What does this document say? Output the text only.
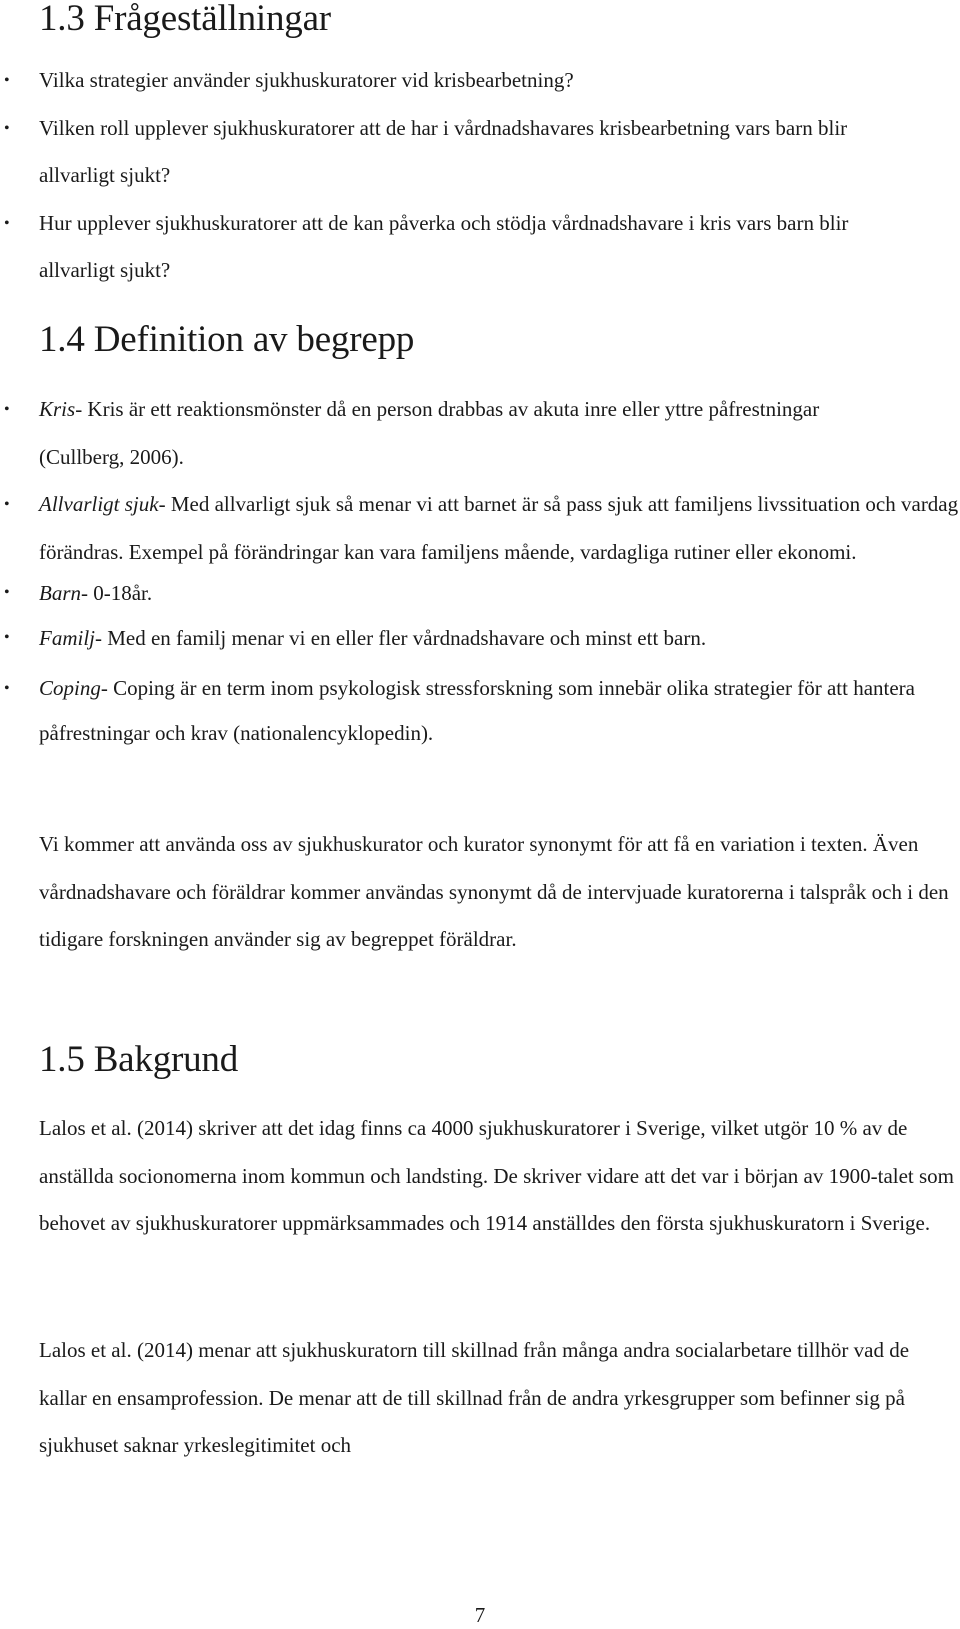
1.3 Frågeställningar
• Vilka strategier använder sjukhuskuratorer vid krisbearbetning?
• Vilken roll upplever sjukhuskuratorer att de har i vårdnadshavares krisbearbetning vars barn blir allvarligt sjukt?
• Hur upplever sjukhuskuratorer att de kan påverka och stödja vårdnadshavare i kris vars barn blir allvarligt sjukt?
1.4 Definition av begrepp
• Kris- Kris är ett reaktionsmönster då en person drabbas av akuta inre eller yttre påfrestningar (Cullberg, 2006).
• Allvarligt sjuk- Med allvarligt sjuk så menar vi att barnet är så pass sjuk att familjens livssituation och vardag förändras. Exempel på förändringar kan vara familjens mående, vardagliga rutiner eller ekonomi.
• Barn- 0-18år.
• Familj- Med en familj menar vi en eller fler vårdnadshavare och minst ett barn.
• Coping- Coping är en term inom psykologisk stressforskning som innebär olika strategier för att hantera påfrestningar och krav (nationalencyklopedin).

Vi kommer att använda oss av sjukhuskurator och kurator synonymt för att få en variation i texten. Även vårdnadshavare och föräldrar kommer användas synonymt då de intervjuade kuratorerna i talspråk och i den tidigare forskningen använder sig av begreppet föräldrar.

1.5 Bakgrund

Lalos et al. (2014) skriver att det idag finns ca 4000 sjukhuskuratorer i Sverige, vilket utgör 10 % av de anställda socionomerna inom kommun och landsting. De skriver vidare att det var i början av 1900-talet som behovet av sjukhuskuratorer uppmärksammades och 1914 anställdes den första sjukhuskuratorn i Sverige.

Lalos et al. (2014) menar att sjukhuskuratorn till skillnad från många andra socialarbetare tillhör vad de kallar en ensamprofession. De menar att de till skillnad från de andra yrkesgrupper som befinner sig på sjukhuset saknar yrkeslegitimitet och

7
